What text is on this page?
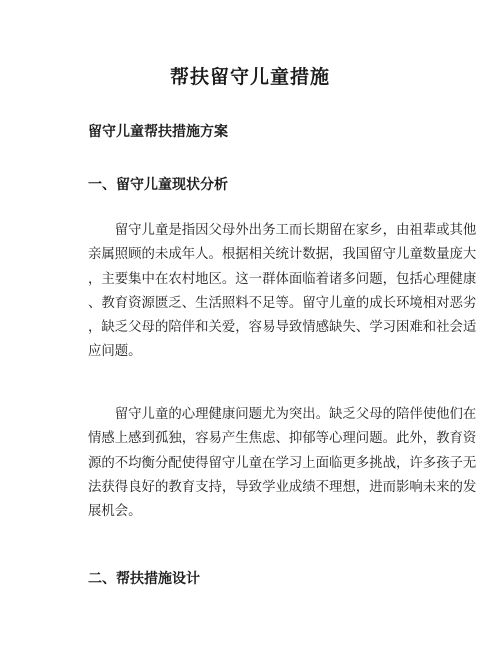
帮扶留守儿童措施
留守儿童帮扶措施方案
一、留守儿童现状分析
　　留守儿童是指因父母外出务工而长期留在家乡，由祖辈或其他
亲属照顾的未成年人。根据相关统计数据，我国留守儿童数量庞大
，主要集中在农村地区。这一群体面临着诸多问题，包括心理健康
、教育资源匮乏、生活照料不足等。留守儿童的成长环境相对恶劣
，缺乏父母的陪伴和关爱，容易导致情感缺失、学习困难和社会适
应问题。
　　留守儿童的心理健康问题尤为突出。缺乏父母的陪伴使他们在
情感上感到孤独，容易产生焦虑、抑郁等心理问题。此外，教育资
源的不均衡分配使得留守儿童在学习上面临更多挑战，许多孩子无
法获得良好的教育支持，导致学业成绩不理想，进而影响未来的发
展机会。
二、帮扶措施设计
